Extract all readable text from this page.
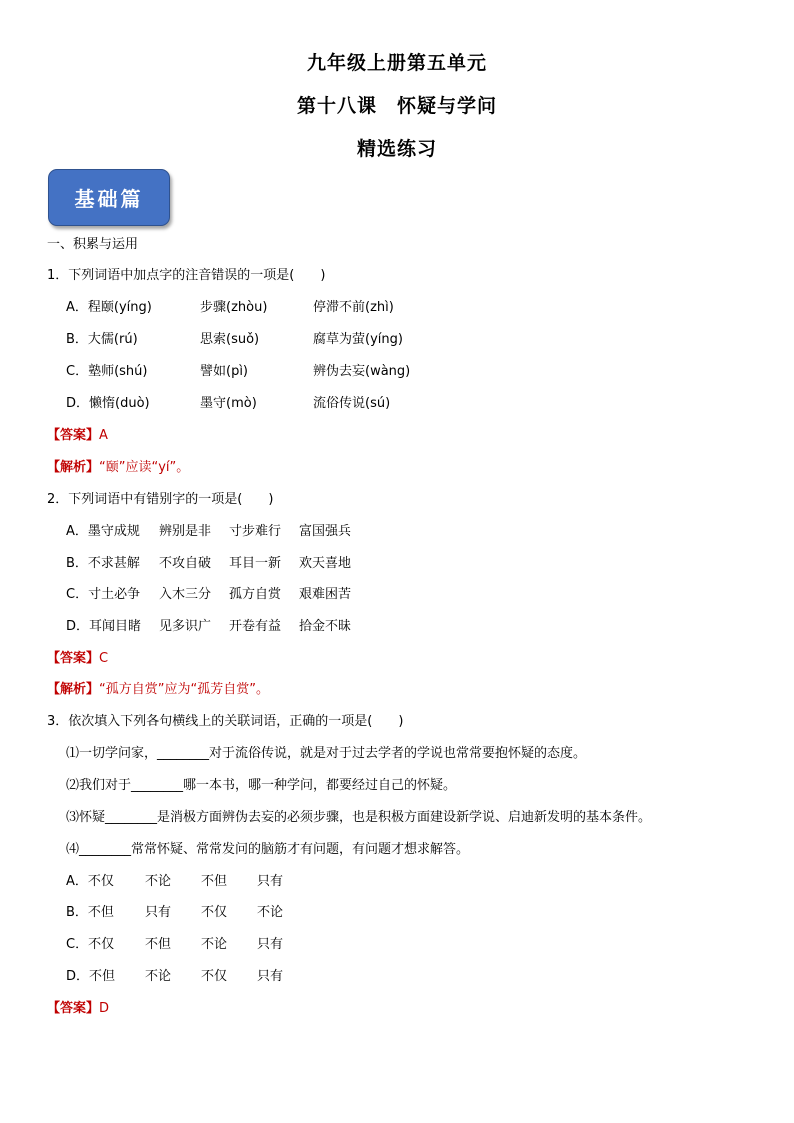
九年级上册第五单元
第十八课　怀疑与学问
精选练习
基础篇
一、积累与运用
1．下列词语中加点字的注音错误的一项是(　　)
A．程颐(yíng)	步骤(zhòu)	停滞不前(zhì)
B．大儒(rú)	思索(suǒ)	腐草为萤(yíng)
C．塾师(shú)	譬如(pì)	辨伪去妄(wàng)
D．懒惰(duò)	墨守(mò)	流俗传说(sú)
【答案】A
【解析】“颐”应读“yí”。
2．下列词语中有错别字的一项是(　　)
A．墨守成规 辨别是非 寸步难行 富国强兵
B．不求甚解 不攻自破 耳目一新 欢天喜地
C．寸土必争 入木三分 孤方自赏 艰难困苦
D．耳闻目睹 见多识广 开卷有益 拾金不昧
【答案】C
【解析】“孤方自赏”应为“孤芳自赏”。
3．依次填入下列各句横线上的关联词语，正确的一项是(　　)
⑴一切学问家，________对于流俗传说，就是对于过去学者的学说也常常要抱怀疑的态度。
⑵我们对于________哪一本书，哪一种学问，都要经过自己的怀疑。
⑶怀疑________是消极方面辨伪去妄的必须步骤，也是积极方面建设新学说、启迪新发明的基本条件。
⑷________常常怀疑、常常发问的脑筋才有问题，有问题才想求解答。
A．不仅 不论 不但 只有
B．不但 只有 不仅 不论
C．不仅 不但 不论 只有
D．不但 不论 不仅 只有
【答案】D
